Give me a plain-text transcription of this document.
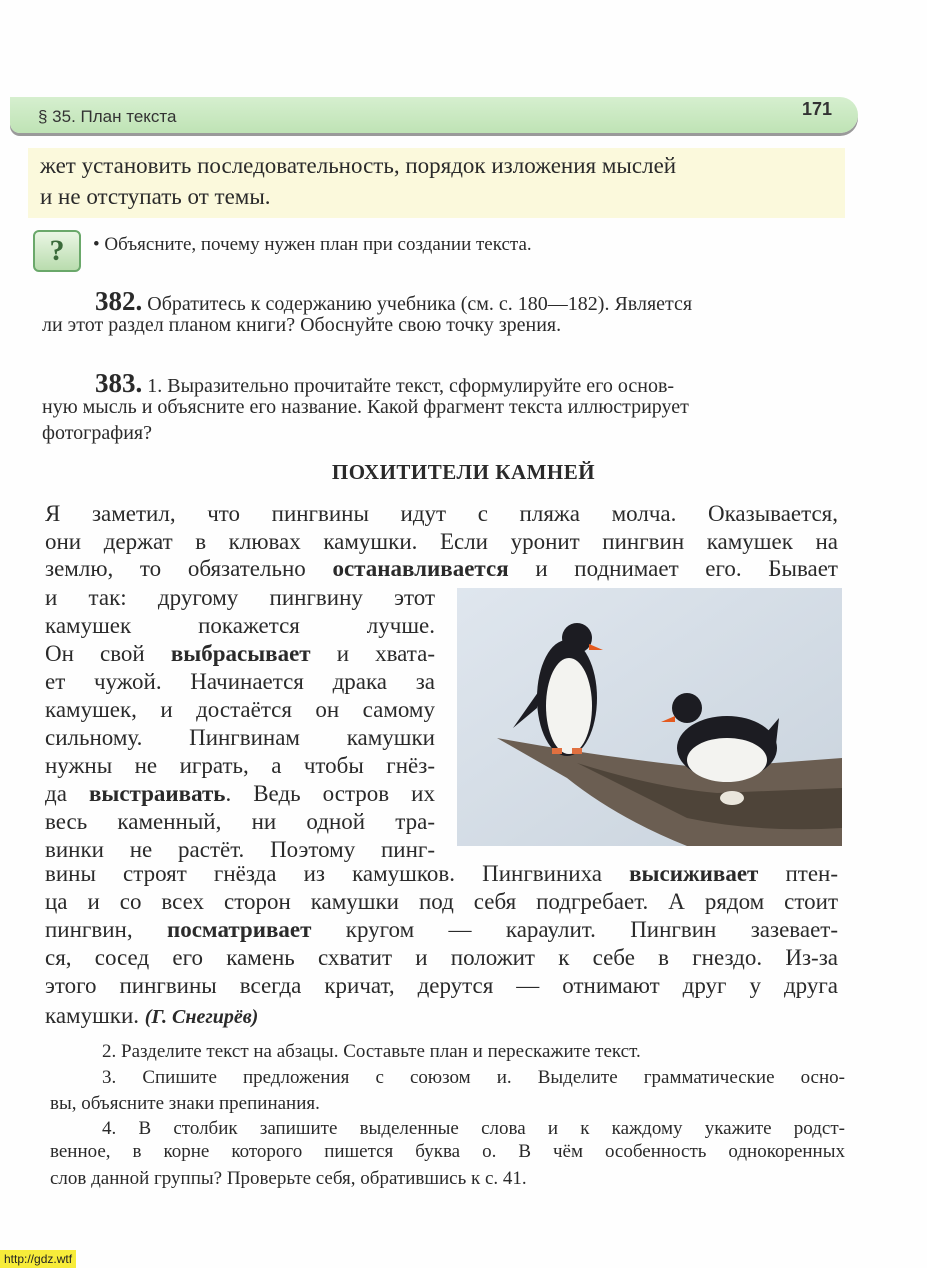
§ 35. План текста	171
жет установить последовательность, порядок изложения мыслей
и не отступать от темы.
?	• Объясните, почему нужен план при создании текста.
382. Обратитесь к содержанию учебника (см. с. 180—182). Является
ли этот раздел планом книги? Обоснуйте свою точку зрения.
383. 1. Выразительно прочитайте текст, сформулируйте его основ-
ную мысль и объясните его название. Какой фрагмент текста иллюстрирует
фотография?
ПОХИТИТЕЛИ КАМНЕЙ
Я заметил, что пингвины идут с пляжа молча. Оказывается,
они держат в клювах камушки. Если уронит пингвин камушек на
землю, то обязательно останавливается и поднимает его. Бывает
и так: другому пингвину этот
камушек покажется лучше.
Он свой выбрасывает и хвата-
ет чужой. Начинается драка за
камушек, и достаётся он самому
сильному. Пингвинам камушки
нужны не играть, а чтобы гнёз-
да выстраивать. Ведь остров их
весь каменный, ни одной тра-
винки не растёт. Поэтому пинг-
вины строят гнёзда из камушков. Пингвиниха высиживает птен-
ца и со всех сторон камушки под себя подгребает. А рядом стоит
пингвин, посматривает кругом — караулит. Пингвин зазевает-
ся, сосед его камень схватит и положит к себе в гнездо. Из-за
этого пингвины всегда кричат, дерутся — отнимают друг у друга
камушки. (Г. Снегирёв)
2. Разделите текст на абзацы. Составьте план и перескажите текст.
3. Спишите предложения с союзом и. Выделите грамматические осно-
вы, объясните знаки препинания.
4. В столбик запишите выделенные слова и к каждому укажите родст-
венное, в корне которого пишется буква о. В чём особенность однокоренных
слов данной группы? Проверьте себя, обратившись к с. 41.
http://gdz.wtf
